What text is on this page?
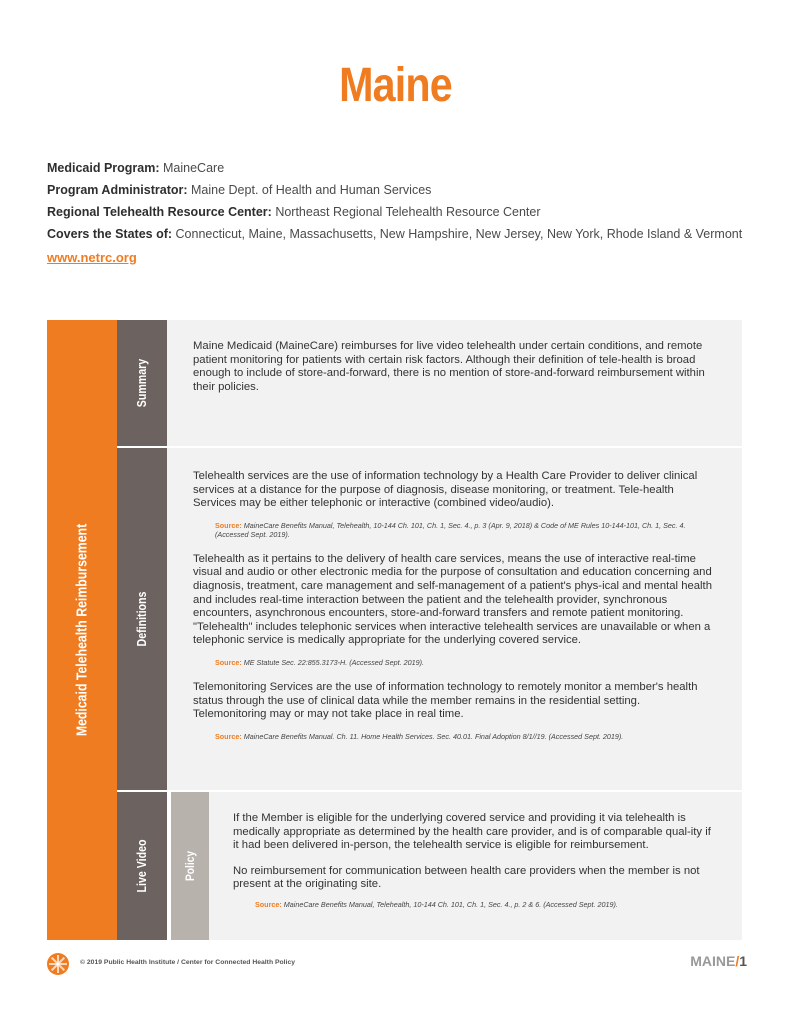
Maine
Medicaid Program: MaineCare
Program Administrator: Maine Dept. of Health and Human Services
Regional Telehealth Resource Center: Northeast Regional Telehealth Resource Center
Covers the States of: Connecticut, Maine, Massachusetts, New Hampshire, New Jersey, New York, Rhode Island & Vermont
www.netrc.org
Medicaid Telehealth Reimbursement
Summary

Maine Medicaid (MaineCare) reimburses for live video telehealth under certain conditions, and remote patient monitoring for patients with certain risk factors. Although their definition of tele-health is broad enough to include of store-and-forward, there is no mention of store-and-forward reimbursement within their policies.

Definitions

Telehealth services are the use of information technology by a Health Care Provider to deliver clinical services at a distance for the purpose of diagnosis, disease monitoring, or treatment. Tele-health Services may be either telephonic or interactive (combined video/audio).

Source: MaineCare Benefits Manual, Telehealth, 10-144 Ch. 101, Ch. 1, Sec. 4., p. 3 (Apr. 9, 2018) & Code of ME Rules 10-144-101, Ch. 1, Sec. 4. (Accessed Sept. 2019).

Telehealth as it pertains to the delivery of health care services, means the use of interactive real-time visual and audio or other electronic media for the purpose of consultation and education concerning and diagnosis, treatment, care management and self-management of a patient's phys-ical and mental health and includes real-time interaction between the patient and the telehealth provider, synchronous encounters, asynchronous encounters, store-and-forward transfers and remote patient monitoring. "Telehealth" includes telephonic services when interactive telehealth services are unavailable or when a telephonic service is medically appropriate for the underlying covered service.

Source: ME Statute Sec. 22:855.3173-H. (Accessed Sept. 2019).

Telemonitoring Services are the use of information technology to remotely monitor a member's health status through the use of clinical data while the member remains in the residential setting. Telemonitoring may or may not take place in real time.

Source: MaineCare Benefits Manual. Ch. 11. Home Health Services. Sec. 40.01. Final Adoption 8/1//19. (Accessed Sept. 2019).
Live Video	Policy

If the Member is eligible for the underlying covered service and providing it via telehealth is medically appropriate as determined by the health care provider, and is of comparable qual-ity if it had been delivered in-person, the telehealth service is eligible for reimbursement.

No reimbursement for communication between health care providers when the member is not present at the originating site.

Source: MaineCare Benefits Manual, Telehealth, 10-144 Ch. 101, Ch. 1, Sec. 4., p. 2 & 6. (Accessed Sept. 2019).
© 2019 Public Health Institute / Center for Connected Health Policy	MAINE/1
